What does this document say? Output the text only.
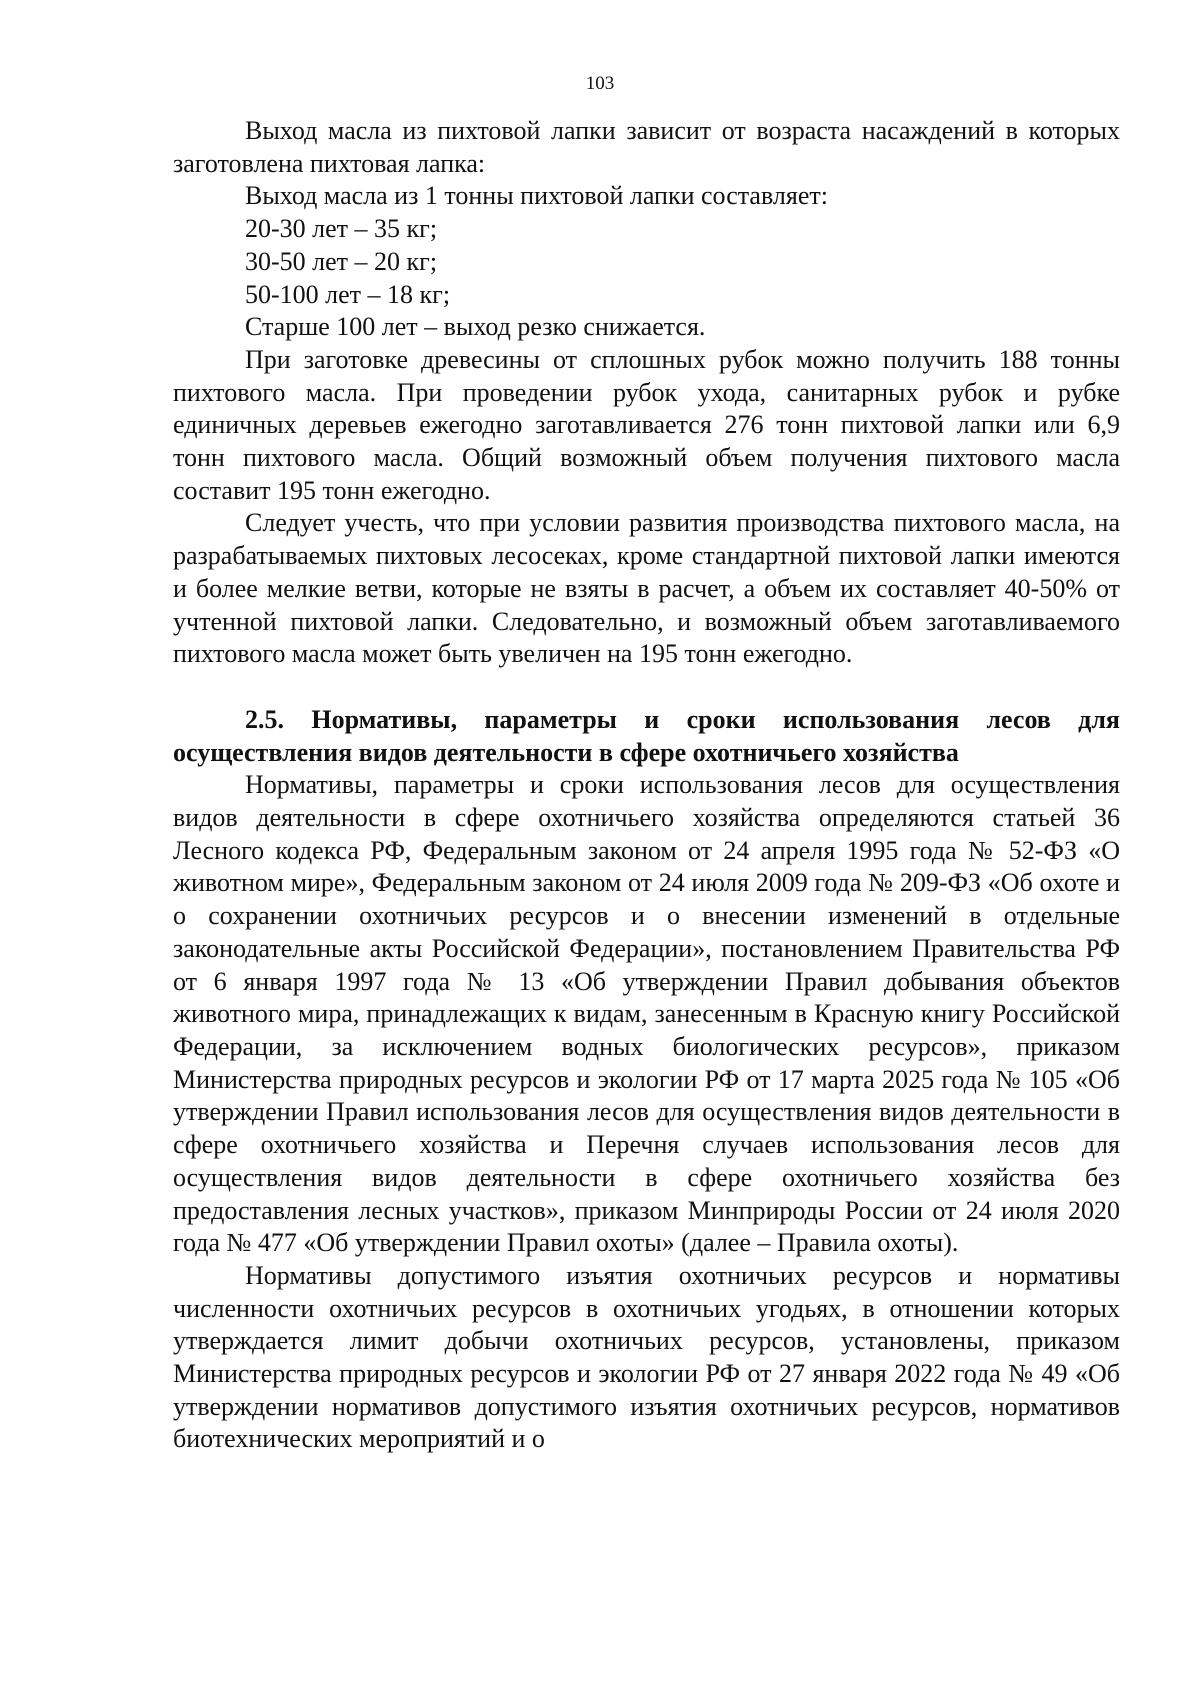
103

Выход масла из пихтовой лапки зависит от возраста насаждений в которых заготовлена пихтовая лапка:

Выход масла из 1 тонны пихтовой лапки составляет:

20-30 лет – 35 кг;

30-50 лет – 20 кг;

50-100 лет – 18 кг;

Старше 100 лет – выход резко снижается.

При заготовке древесины от сплошных рубок можно получить 188 тонны пихтового масла. При проведении рубок ухода, санитарных рубок и рубке единичных деревьев ежегодно заготавливается 276 тонн пихтовой лапки или 6,9 тонн пихтового масла. Общий возможный объем получения пихтового масла составит 195 тонн ежегодно.

Следует учесть, что при условии развития производства пихтового масла, на разрабатываемых пихтовых лесосеках, кроме стандартной пихтовой лапки имеются и более мелкие ветви, которые не взяты в расчет, а объем их составляет 40-50% от учтенной пихтовой лапки. Следовательно, и возможный объем заготавливаемого пихтового масла может быть увеличен на 195 тонн ежегодно.

2.5. Нормативы, параметры и сроки использования лесов для осуществления видов деятельности в сфере охотничьего хозяйства

Нормативы, параметры и сроки использования лесов для осуществления видов деятельности в сфере охотничьего хозяйства определяются статьей 36 Лесного кодекса РФ, Федеральным законом от 24 апреля 1995 года № 52-ФЗ «О животном мире», Федеральным законом от 24 июля 2009 года № 209-ФЗ «Об охоте и о сохранении охотничьих ресурсов и о внесении изменений в отдельные законодательные акты Российской Федерации», постановлением Правительства РФ от 6 января 1997 года № 13 «Об утверждении Правил добывания объектов животного мира, принадлежащих к видам, занесенным в Красную книгу Российской Федерации, за исключением водных биологических ресурсов», приказом Министерства природных ресурсов и экологии РФ от 17 марта 2025 года № 105 «Об утверждении Правил использования лесов для осуществления видов деятельности в сфере охотничьего хозяйства и Перечня случаев использования лесов для осуществления видов деятельности в сфере охотничьего хозяйства без предоставления лесных участков», приказом Минприроды России от 24 июля 2020 года № 477 «Об утверждении Правил охоты» (далее – Правила охоты).

Нормативы допустимого изъятия охотничьих ресурсов и нормативы численности охотничьих ресурсов в охотничьих угодьях, в отношении которых утверждается лимит добычи охотничьих ресурсов, установлены, приказом Министерства природных ресурсов и экологии РФ от 27 января 2022 года № 49 «Об утверждении нормативов допустимого изъятия охотничьих ресурсов, нормативов биотехнических мероприятий и о
